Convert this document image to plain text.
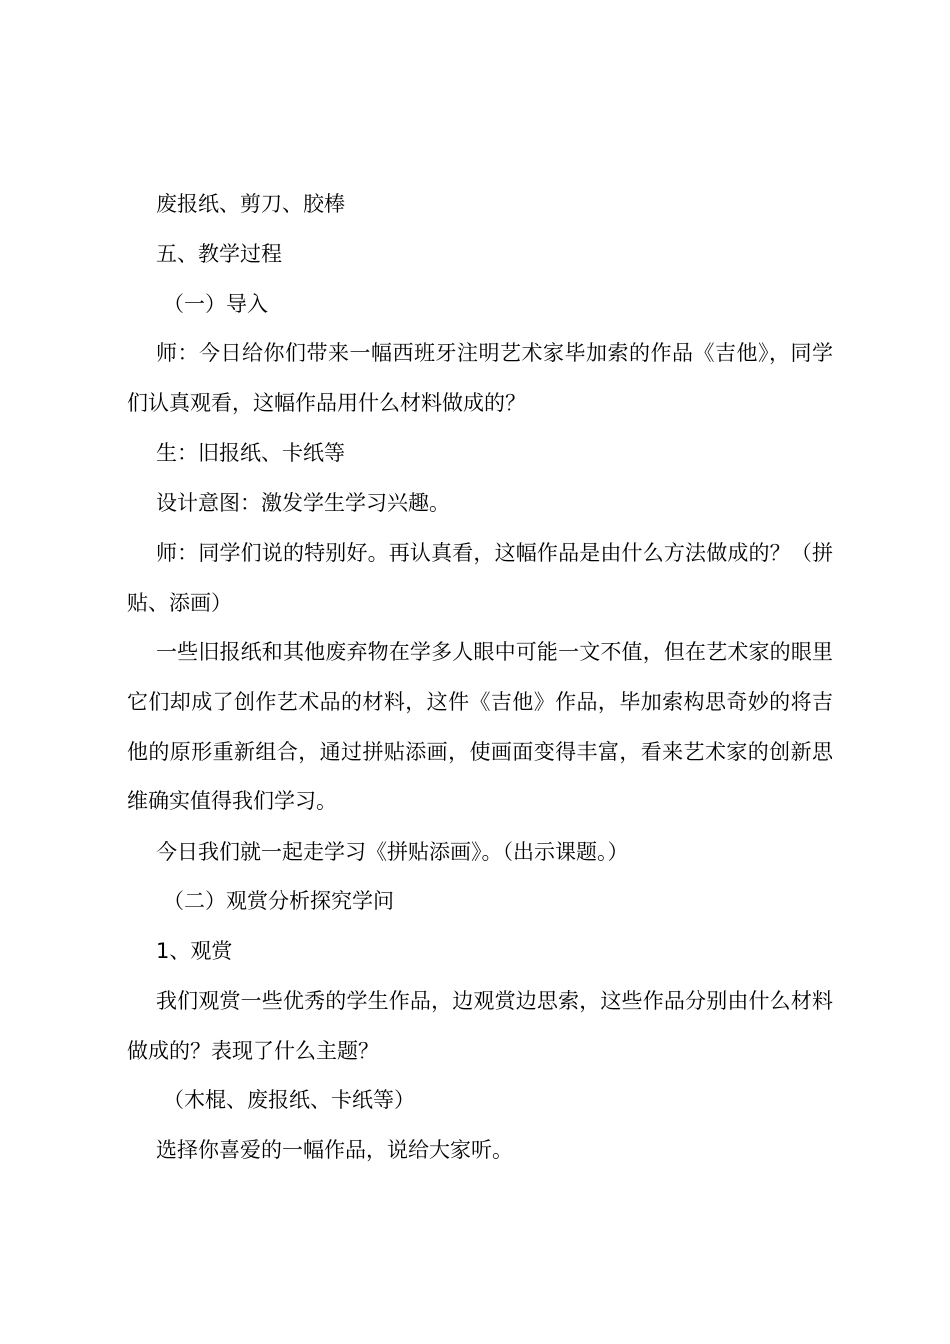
废报纸、剪刀、胶棒

五、教学过程

（一）导入

师：今日给你们带来一幅西班牙注明艺术家毕加索的作品《吉他》，同学们认真观看，这幅作品用什么材料做成的？

生：旧报纸、卡纸等

设计意图：激发学生学习兴趣。

师：同学们说的特别好。再认真看，这幅作品是由什么方法做成的？（拼贴、添画）

一些旧报纸和其他废弃物在学多人眼中可能一文不值，但在艺术家的眼里它们却成了创作艺术品的材料，这件《吉他》作品，毕加索构思奇妙的将吉他的原形重新组合，通过拼贴添画，使画面变得丰富，看来艺术家的创新思维确实值得我们学习。

今日我们就一起走学习《拼贴添画》。（出示课题。）

（二）观赏分析探究学问

1、观赏

我们观赏一些优秀的学生作品，边观赏边思索，这些作品分别由什么材料做成的？表现了什么主题？

（木棍、废报纸、卡纸等）

选择你喜爱的一幅作品，说给大家听。
